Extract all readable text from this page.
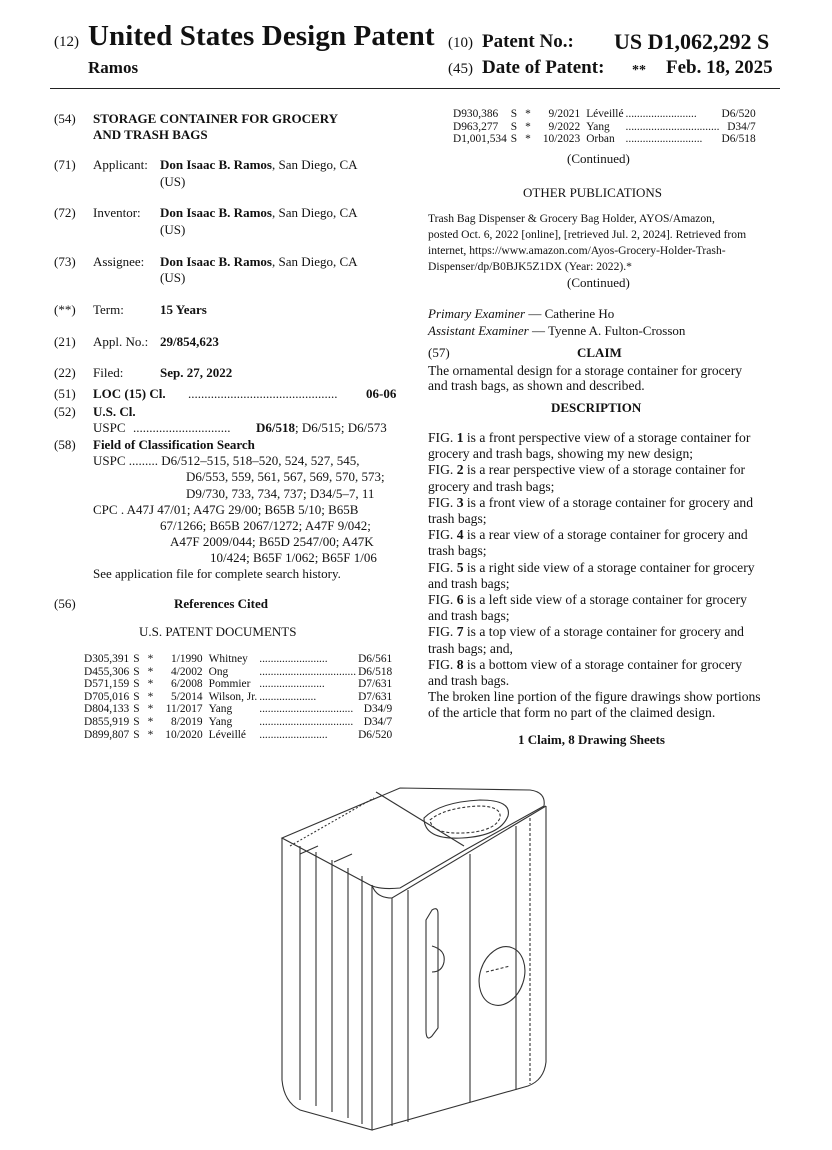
(12) United States Design Patent
Ramos
(10) Patent No.: US D1,062,292 S
(45) Date of Patent: ** Feb. 18, 2025
(54) STORAGE CONTAINER FOR GROCERY
AND TRASH BAGS
(71) Applicant: Don Isaac B. Ramos, San Diego, CA
(US)
(72) Inventor: Don Isaac B. Ramos, San Diego, CA
(US)
(73) Assignee: Don Isaac B. Ramos, San Diego, CA
(US)
(**) Term:	15 Years
(21) Appl. No.: 29/854,623
(22) Filed:	Sep. 27, 2022
(51) LOC (15) Cl. ..............................................	06-06
(52) U.S. Cl.
USPC ..............................	D6/518; D6/515; D6/573
(58) Field of Classification Search
USPC ......... D6/512–515, 518–520, 524, 527, 545,
D6/553, 559, 561, 567, 569, 570, 573;
D9/730, 733, 734, 737; D34/5–7, 11
CPC . A47J 47/01; A47G 29/00; B65B 5/10; B65B
67/1266; B65B 2067/1272; A47F 9/042;
A47F 2009/044; B65D 2547/00; A47K
10/424; B65F 1/062; B65F 1/06
See application file for complete search history.
(56)	References Cited
U.S. PATENT DOCUMENTS
D305,391	S	*	1/1990	Whitney	........................	D6/561
D455,306	S	*	4/2002	Ong	..................................	D6/518
D571,159	S	*	6/2008	Pommier	.......................	D7/631
D705,016	S	*	5/2014	Wilson, Jr.	....................	D7/631
D804,133	S	*	11/2017	Yang	.................................	D34/9
D855,919	S	*	8/2019	Yang	.................................	D34/7
D899,807	S	*	10/2020	Léveillé	........................	D6/520
D930,386	S	*	9/2021	Léveillé	.........................	D6/520
D963,277	S	*	9/2022	Yang	.................................	D34/7
D1,001,534	S	*	10/2023	Orban	...........................	D6/518
(Continued)
OTHER PUBLICATIONS
Trash Bag Dispenser & Grocery Bag Holder, AYOS/Amazon,
posted Oct. 6, 2022 [online], [retrieved Jul. 2, 2024]. Retrieved from
internet, https://www.amazon.com/Ayos-Grocery-Holder-Trash-
Dispenser/dp/B0BJK5Z1DX (Year: 2022).*
(Continued)
Primary Examiner — Catherine Ho
Assistant Examiner — Tyenne A. Fulton-Crosson
(57)	CLAIM
The ornamental design for a storage container for grocery
and trash bags, as shown and described.
DESCRIPTION
FIG. 1 is a front perspective view of a storage container for
grocery and trash bags, showing my new design;
FIG. 2 is a rear perspective view of a storage container for
grocery and trash bags;
FIG. 3 is a front view of a storage container for grocery and
trash bags;
FIG. 4 is a rear view of a storage container for grocery and
trash bags;
FIG. 5 is a right side view of a storage container for grocery
and trash bags;
FIG. 6 is a left side view of a storage container for grocery
and trash bags;
FIG. 7 is a top view of a storage container for grocery and
trash bags; and,
FIG. 8 is a bottom view of a storage container for grocery
and trash bags.
The broken line portion of the figure drawings show portions
of the article that form no part of the claimed design.
1 Claim, 8 Drawing Sheets
